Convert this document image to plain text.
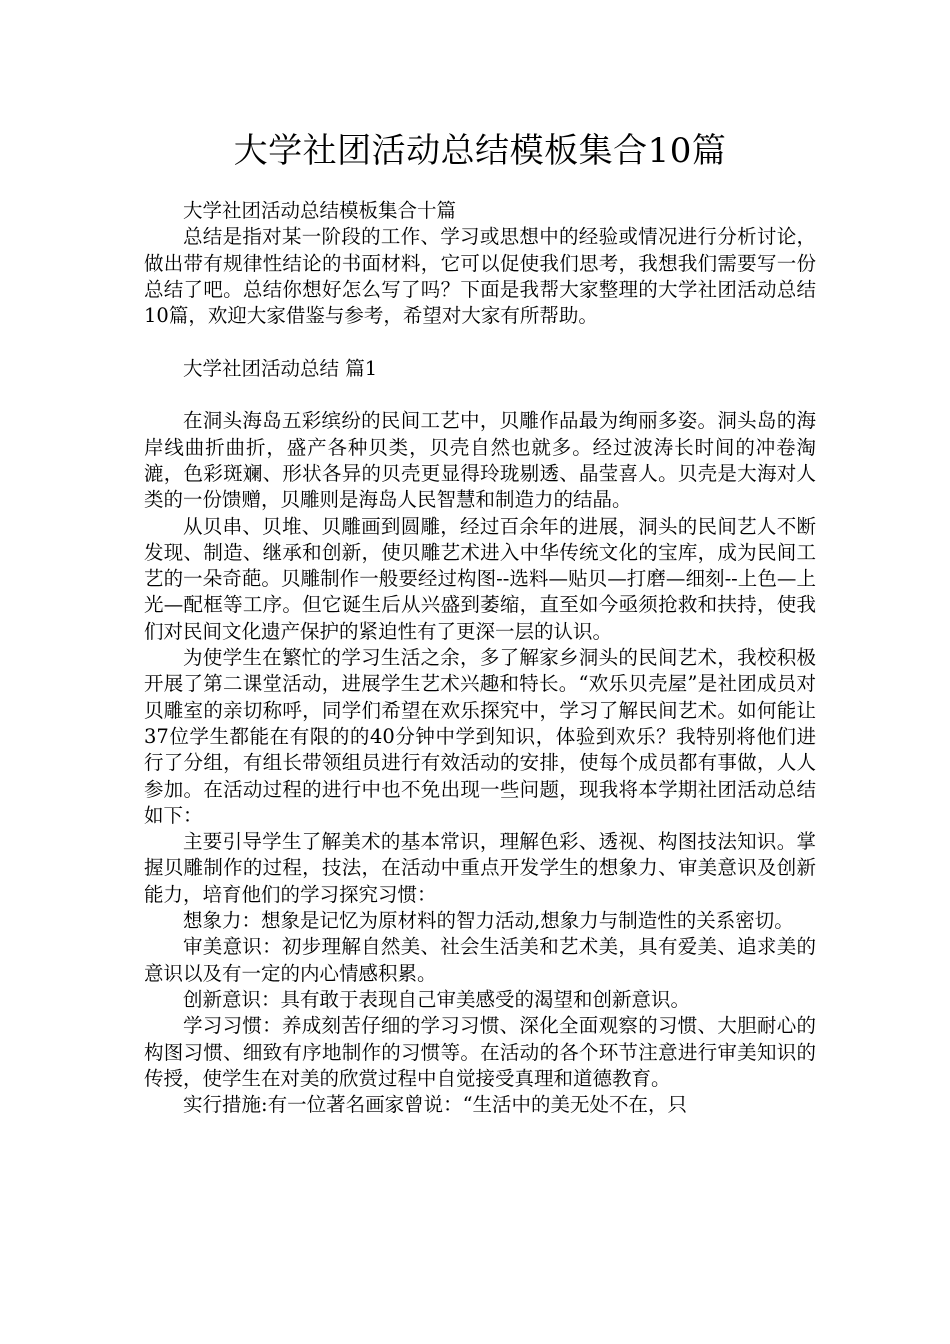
大学社团活动总结模板集合10篇

大学社团活动总结模板集合十篇

总结是指对某一阶段的工作、学习或思想中的经验或情况进行分析讨论，做出带有规律性结论的书面材料，它可以促使我们思考，我想我们需要写一份总结了吧。总结你想好怎么写了吗？下面是我帮大家整理的大学社团活动总结10篇，欢迎大家借鉴与参考，希望对大家有所帮助。

大学社团活动总结 篇1

在洞头海岛五彩缤纷的民间工艺中，贝雕作品最为绚丽多姿。洞头岛的海岸线曲折曲折，盛产各种贝类，贝壳自然也就多。经过波涛长时间的冲卷淘漉，色彩斑斓、形状各异的贝壳更显得玲珑剔透、晶莹喜人。贝壳是大海对人类的一份馈赠，贝雕则是海岛人民智慧和制造力的结晶。

从贝串、贝堆、贝雕画到圆雕，经过百余年的进展，洞头的民间艺人不断发现、制造、继承和创新，使贝雕艺术进入中华传统文化的宝库，成为民间工艺的一朵奇葩。贝雕制作一般要经过构图--选料—贴贝—打磨—细刻--上色—上光—配框等工序。但它诞生后从兴盛到萎缩，直至如今亟须抢救和扶持，使我们对民间文化遗产保护的紧迫性有了更深一层的认识。

为使学生在繁忙的学习生活之余，多了解家乡洞头的民间艺术，我校积极开展了第二课堂活动，进展学生艺术兴趣和特长。“欢乐贝壳屋”是社团成员对贝雕室的亲切称呼，同学们希望在欢乐探究中，学习了解民间艺术。如何能让37位学生都能在有限的的40分钟中学到知识，体验到欢乐？我特别将他们进行了分组，有组长带领组员进行有效活动的安排，使每个成员都有事做，人人参加。在活动过程的进行中也不免出现一些问题，现我将本学期社团活动总结如下：

主要引导学生了解美术的基本常识，理解色彩、透视、构图技法知识。掌握贝雕制作的过程，技法，在活动中重点开发学生的想象力、审美意识及创新能力，培育他们的学习探究习惯：

想象力：想象是记忆为原材料的智力活动,想象力与制造性的关系密切。

审美意识：初步理解自然美、社会生活美和艺术美，具有爱美、追求美的意识以及有一定的内心情感积累。

创新意识：具有敢于表现自己审美感受的渴望和创新意识。

学习习惯：养成刻苦仔细的学习习惯、深化全面观察的习惯、大胆耐心的构图习惯、细致有序地制作的习惯等。在活动的各个环节注意进行审美知识的传授，使学生在对美的欣赏过程中自觉接受真理和道德教育。

实行措施:有一位著名画家曾说：“生活中的美无处不在，只
